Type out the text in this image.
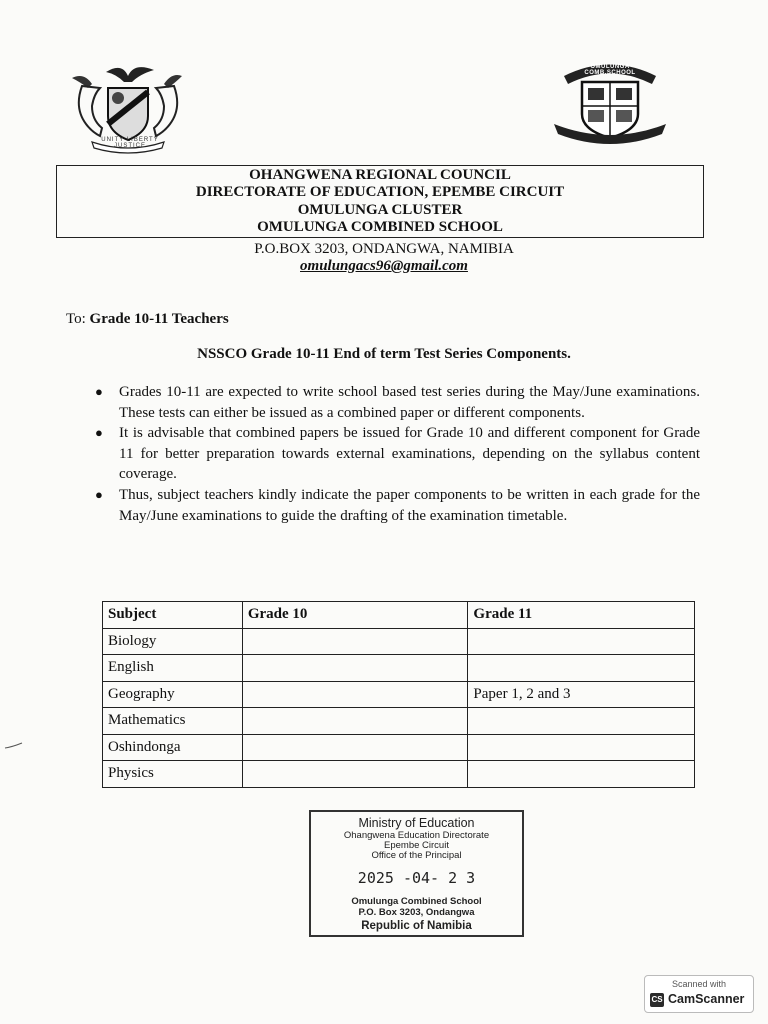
UNITY LIBERTY JUSTICE
OMULUNGA COMB.SCHOOL
OHANGWENA REGIONAL COUNCIL
DIRECTORATE OF EDUCATION, EPEMBE CIRCUIT
OMULUNGA CLUSTER
OMULUNGA COMBINED SCHOOL
P.O.BOX 3203, ONDANGWA, NAMIBIA
omulungacs96@gmail.com
To: Grade 10-11 Teachers
NSSCO Grade 10-11 End of term Test Series Components.
● Grades 10-11 are expected to write school based test series during the May/June examinations. These tests can either be issued as a combined paper or different components.
● It is advisable that combined papers be issued for Grade 10 and different component for Grade 11 for better preparation towards external examinations, depending on the syllabus content coverage.
● Thus, subject teachers kindly indicate the paper components to be written in each grade for the May/June examinations to guide the drafting of the examination timetable.
Subject	Grade 10	Grade 11
Biology		
English		
Geography		Paper 1, 2 and 3
Mathematics		
Oshindonga		
Physics		
Ministry of Education
Ohangwena Education Directorate
Epembe Circuit
Office of the Principal
2025 -04- 2 3
Omulunga Combined School
P.O. Box 3203, Ondangwa
Republic of Namibia
Scanned with
CS CamScanner
